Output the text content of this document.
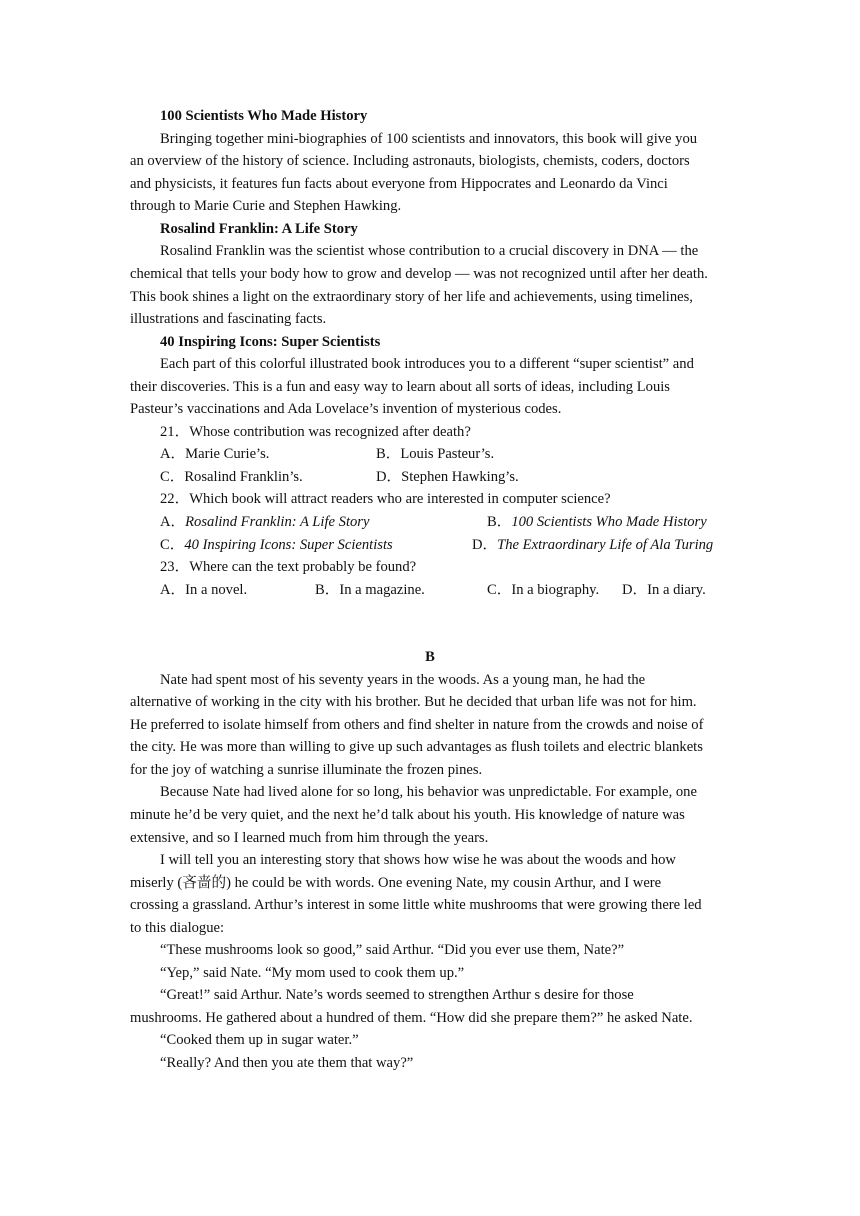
100 Scientists Who Made History
Bringing together mini-biographies of 100 scientists and innovators, this book will give you
an overview of the history of science. Including astronauts, biologists, chemists, coders, doctors
and physicists, it features fun facts about everyone from Hippocrates and Leonardo da Vinci
through to Marie Curie and Stephen Hawking.
Rosalind Franklin: A Life Story
Rosalind Franklin was the scientist whose contribution to a crucial discovery in DNA — the
chemical that tells your body how to grow and develop — was not recognized until after her death.
This book shines a light on the extraordinary story of her life and achievements, using timelines,
illustrations and fascinating facts.
40 Inspiring Icons: Super Scientists
Each part of this colorful illustrated book introduces you to a different “super scientist” and
their discoveries. This is a fun and easy way to learn about all sorts of ideas, including Louis
Pasteur’s vaccinations and Ada Lovelace’s invention of mysterious codes.
21．Whose contribution was recognized after death?
A．Marie Curie’s.	B．Louis Pasteur’s.
C．Rosalind Franklin’s.	D．Stephen Hawking’s.
22．Which book will attract readers who are interested in computer science?
A．Rosalind Franklin: A Life Story	B．100 Scientists Who Made History
C．40 Inspiring Icons: Super Scientists	D．The Extraordinary Life of Ala Turing
23．Where can the text probably be found?
A．In a novel.	B．In a magazine.	C．In a biography. D．In a diary.
B
Nate had spent most of his seventy years in the woods. As a young man, he had the
alternative of working in the city with his brother. But he decided that urban life was not for him.
He preferred to isolate himself from others and find shelter in nature from the crowds and noise of
the city. He was more than willing to give up such advantages as flush toilets and electric blankets
for the joy of watching a sunrise illuminate the frozen pines.
Because Nate had lived alone for so long, his behavior was unpredictable. For example, one
minute he’d be very quiet, and the next he’d talk about his youth. His knowledge of nature was
extensive, and so I learned much from him through the years.
I will tell you an interesting story that shows how wise he was about the woods and how
miserly (吝啬的) he could be with words. One evening Nate, my cousin Arthur, and I were
crossing a grassland. Arthur’s interest in some little white mushrooms that were growing there led
to this dialogue:
“These mushrooms look so good,” said Arthur. “Did you ever use them, Nate?”
“Yep,” said Nate. “My mom used to cook them up.”
“Great!” said Arthur. Nate’s words seemed to strengthen Arthur s desire for those
mushrooms. He gathered about a hundred of them. “How did she prepare them?” he asked Nate.
“Cooked them up in sugar water.”
“Really? And then you ate them that way?”
